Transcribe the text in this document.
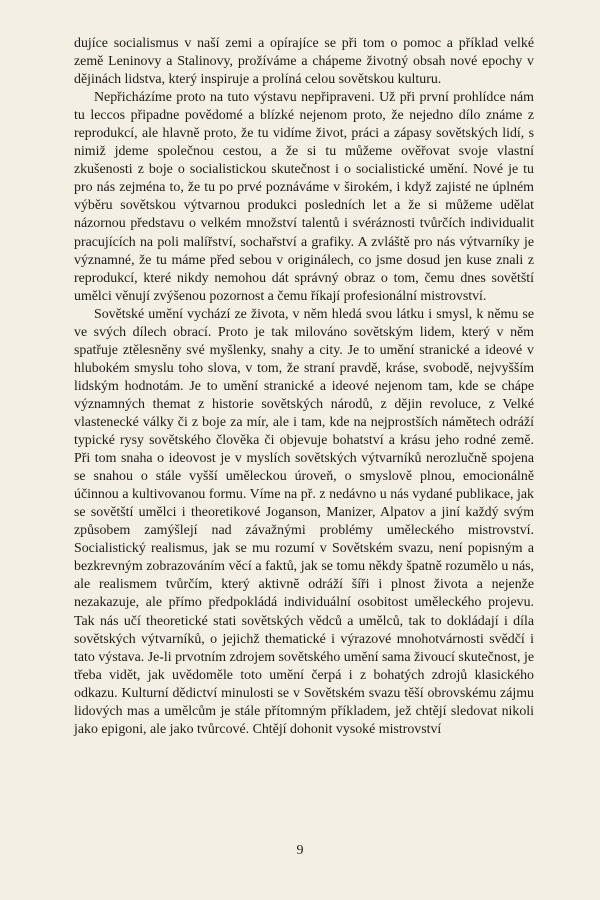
dujíce socialismus v naší zemi a opírajíce se při tom o pomoc a příklad velké země Leninovy a Stalinovy, prožíváme a chápeme životný obsah nové epochy v dějinách lidstva, který inspiruje a prolíná celou sovětskou kulturu.

Nepřicházíme proto na tuto výstavu nepřipraveni. Už při první prohlídce nám tu leccos připadne povědomé a blízké nejenom proto, že nejedno dílo známe z reprodukcí, ale hlavně proto, že tu vidíme život, práci a zápasy sovětských lidí, s nimiž jdeme společnou cestou, a že si tu můžeme ověřovat svoje vlastní zkušenosti z boje o socialistickou skutečnost i o socialistické umění. Nové je tu pro nás zejména to, že tu po prvé poznáváme v širokém, i když zajisté ne úplném výběru sovětskou výtvarnou produkci posledních let a že si můžeme udělat názornou představu o velkém množství talentů i svéráznosti tvůrčích individualit pracujících na poli malířství, sochařství a grafiky. A zvláště pro nás výtvarníky je významné, že tu máme před sebou v originálech, co jsme dosud jen kuse znali z reprodukcí, které nikdy nemohou dát správný obraz o tom, čemu dnes sovětští umělci věnují zvýšenou pozornost a čemu říkají profesionální mistrovství.

Sovětské umění vychází ze života, v něm hledá svou látku i smysl, k němu se ve svých dílech obrací. Proto je tak milováno sovětským lidem, který v něm spatřuje ztělesněny své myšlenky, snahy a city. Je to umění stranické a ideové v hlubokém smyslu toho slova, v tom, že straní pravdě, kráse, svobodě, nejvyšším lidským hodnotám. Je to umění stranické a ideové nejenom tam, kde se chápe významných themat z historie sovětských národů, z dějin revoluce, z Velké vlastenecké války či z boje za mír, ale i tam, kde na nejprostších námětech odráží typické rysy sovětského člověka či objevuje bohatství a krásu jeho rodné země. Při tom snaha o ideovost je v myslích sovětských výtvarníků nerozlučně spojena se snahou o stále vyšší uměleckou úroveň, o smyslově plnou, emocionálně účinnou a kultivovanou formu. Víme na př. z nedávno u nás vydané publikace, jak se sovětští umělci i theoretikové Joganson, Manizer, Alpatov a jiní každý svým způsobem zamýšlejí nad závažnými problémy uměleckého mistrovství. Socialistický realismus, jak se mu rozumí v Sovětském svazu, není popisným a bezkrevným zobrazováním věcí a faktů, jak se tomu někdy špatně rozumělo u nás, ale realismem tvůrčím, který aktivně odráží šíři i plnost života a nejenže nezakazuje, ale přímo předpokládá individuální osobitost uměleckého projevu. Tak nás učí theoretické stati sovětských vědců a umělců, tak to dokládají i díla sovětských výtvarníků, o jejichž thematické i výrazové mnohotvárnosti svědčí i tato výstava. Je-li prvotním zdrojem sovětského umění sama živoucí skutečnost, je třeba vidět, jak uvědoměle toto umění čerpá i z bohatých zdrojů klasického odkazu. Kulturní dědictví minulosti se v Sovětském svazu těší obrovskému zájmu lidových mas a umělcům je stále přítomným příkladem, jež chtějí sledovat nikoli jako epigoni, ale jako tvůrcové. Chtějí dohonit vysoké mistrovství

9
